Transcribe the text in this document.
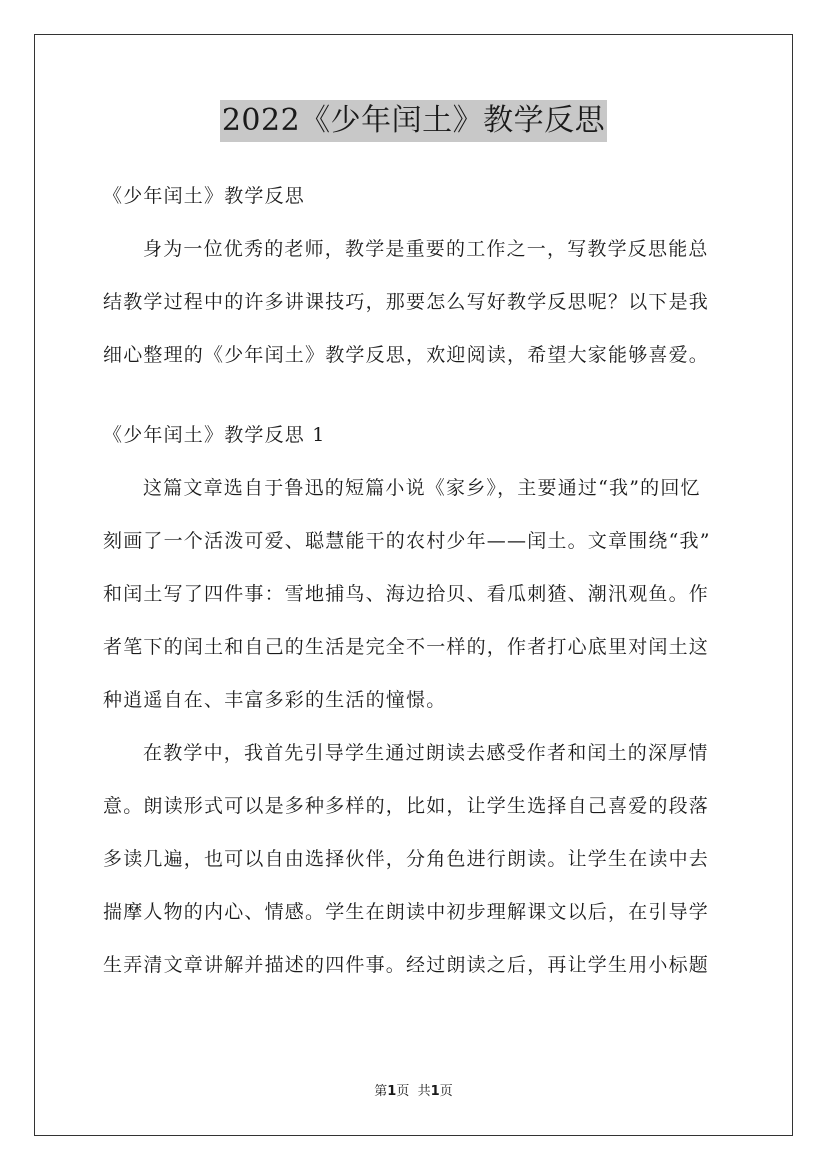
2022《少年闰土》教学反思
《少年闰土》教学反思
身为一位优秀的老师，教学是重要的工作之一，写教学反思能总
结教学过程中的许多讲课技巧，那要怎么写好教学反思呢？以下是我
细心整理的《少年闰土》教学反思，欢迎阅读，希望大家能够喜爱。
《少年闰土》教学反思 1
这篇文章选自于鲁迅的短篇小说《家乡》，主要通过“我”的回忆
刻画了一个活泼可爱、聪慧能干的农村少年——闰土。文章围绕“我”
和闰土写了四件事：雪地捕鸟、海边拾贝、看瓜刺猹、潮汛观鱼。作
者笔下的闰土和自己的生活是完全不一样的，作者打心底里对闰土这
种逍遥自在、丰富多彩的生活的憧憬。
在教学中，我首先引导学生通过朗读去感受作者和闰土的深厚情
意。朗读形式可以是多种多样的，比如，让学生选择自己喜爱的段落
多读几遍，也可以自由选择伙伴，分角色进行朗读。让学生在读中去
揣摩人物的内心、情感。学生在朗读中初步理解课文以后，在引导学
生弄清文章讲解并描述的四件事。经过朗读之后，再让学生用小标题
第1页 共1页
